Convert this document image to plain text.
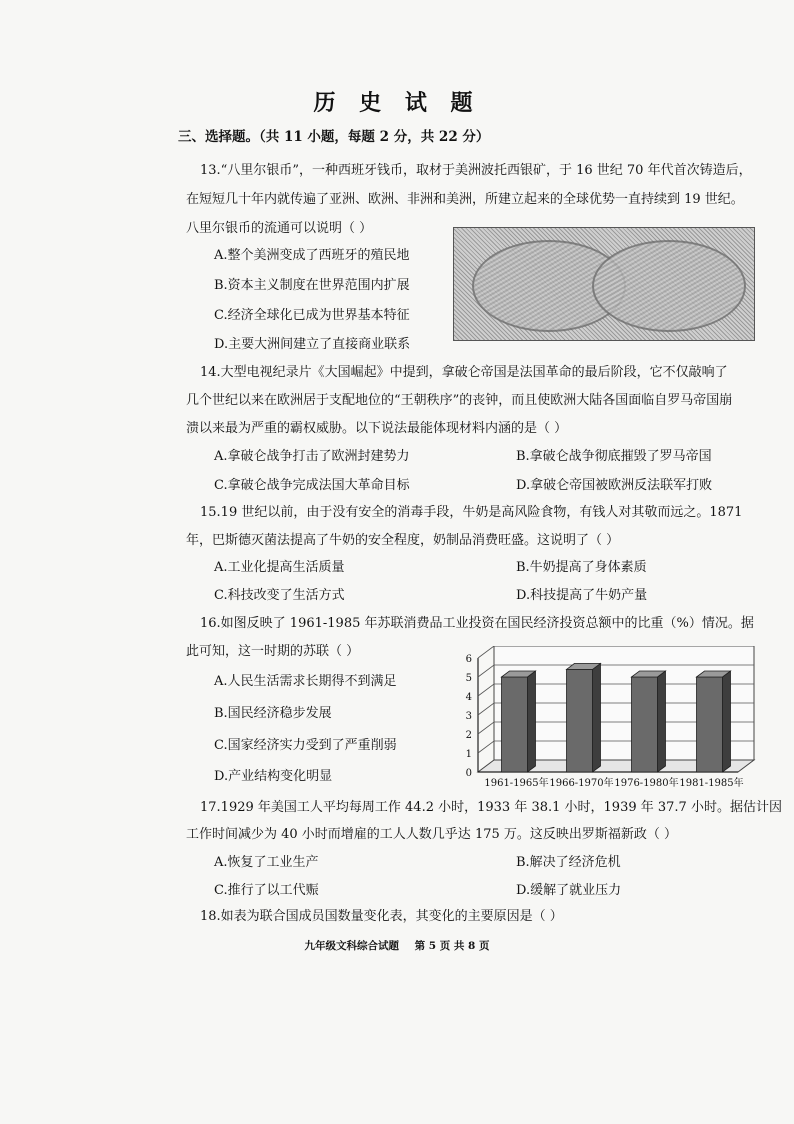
历 史 试 题
三、选择题。（共 11 小题，每题 2 分，共 22 分）
13.“八里尔银币”，一种西班牙钱币，取材于美洲波托西银矿，于 16 世纪 70 年代首次铸造后，
在短短几十年内就传遍了亚洲、欧洲、非洲和美洲，所建立起来的全球优势一直持续到 19 世纪。
八里尔银币的流通可以说明（ ）
A.整个美洲变成了西班牙的殖民地
B.资本主义制度在世界范围内扩展
C.经济全球化已成为世界基本特征
D.主要大洲间建立了直接商业联系
14.大型电视纪录片《大国崛起》中提到，拿破仑帝国是法国革命的最后阶段，它不仅敲响了
几个世纪以来在欧洲居于支配地位的“王朝秩序”的丧钟，而且使欧洲大陆各国面临自罗马帝国崩
溃以来最为严重的霸权威胁。以下说法最能体现材料内涵的是（ ）
A.拿破仑战争打击了欧洲封建势力	B.拿破仑战争彻底摧毁了罗马帝国
C.拿破仑战争完成法国大革命目标	D.拿破仑帝国被欧洲反法联军打败
15.19 世纪以前，由于没有安全的消毒手段，牛奶是高风险食物，有钱人对其敬而远之。1871
年，巴斯德灭菌法提高了牛奶的安全程度，奶制品消费旺盛。这说明了（ ）
A.工业化提高生活质量	B.牛奶提高了身体素质
C.科技改变了生活方式	D.科技提高了牛奶产量
16.如图反映了 1961-1985 年苏联消费品工业投资在国民经济投资总额中的比重（%）情况。据
此可知，这一时期的苏联（ ）
A.人民生活需求长期得不到满足
B.国民经济稳步发展
C.国家经济实力受到了严重削弱
D.产业结构变化明显	0
1
2
3
4
5
6
1961-1965年 1966-1970年 1976-1980年 1981-1985年
17.1929 年美国工人平均每周工作 44.2 小时，1933 年 38.1 小时，1939 年 37.7 小时。据估计因
工作时间减少为 40 小时而增雇的工人人数几乎达 175 万。这反映出罗斯福新政（ ）
A.恢复了工业生产	B.解决了经济危机
C.推行了以工代赈	D.缓解了就业压力
18.如表为联合国成员国数量变化表，其变化的主要原因是（ ）
九年级文科综合试题 第 5 页 共 8 页
